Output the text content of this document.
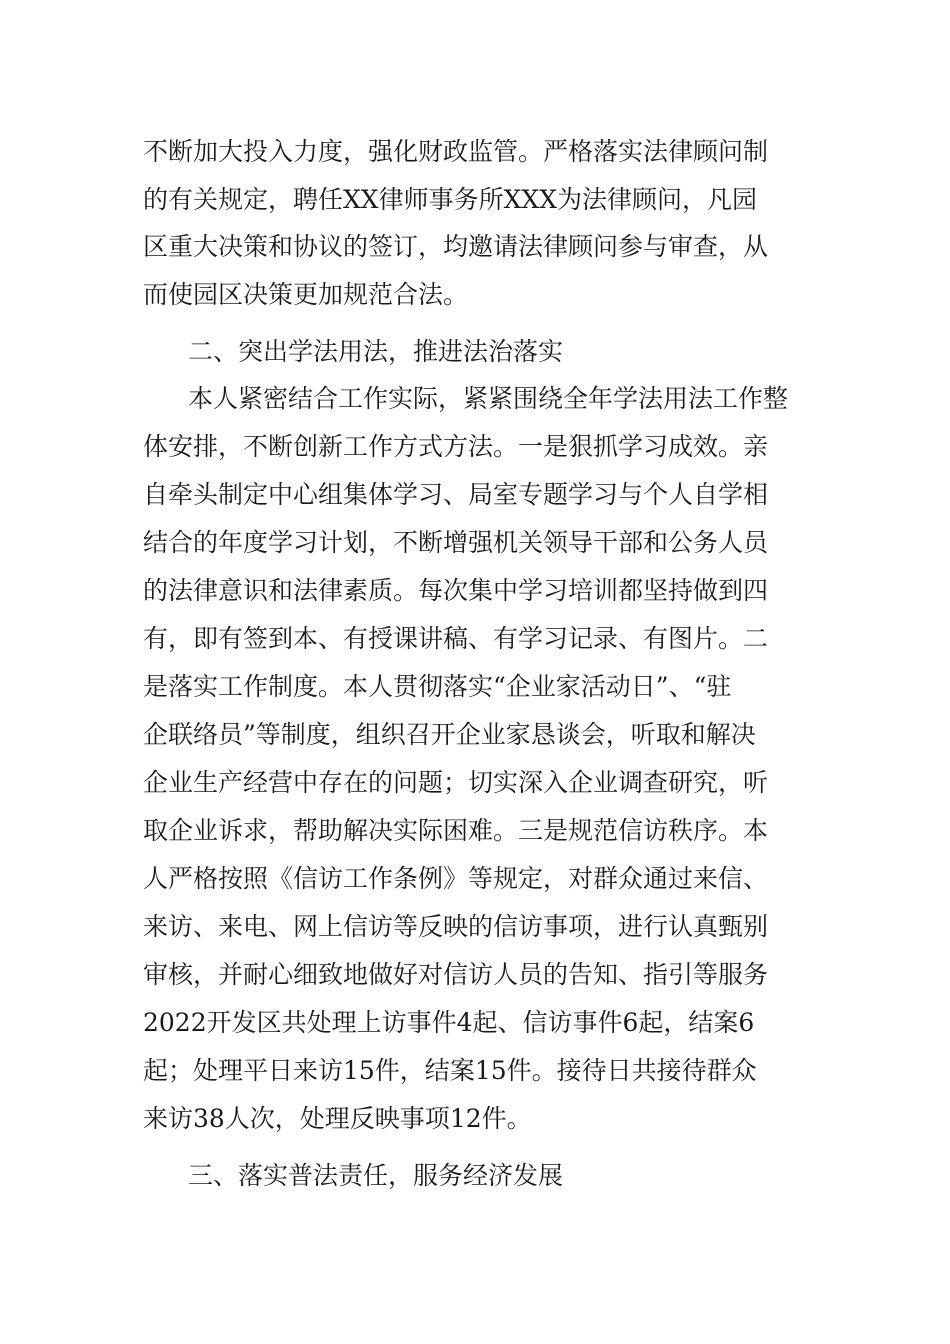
不断加大投入力度，强化财政监管。严格落实法律顾问制
的有关规定，聘任XX律师事务所XXX为法律顾问，凡园
区重大决策和协议的签订，均邀请法律顾问参与审查，从
而使园区决策更加规范合法。
二、突出学法用法，推进法治落实
本人紧密结合工作实际，紧紧围绕全年学法用法工作整
体安排，不断创新工作方式方法。一是狠抓学习成效。亲
自牵头制定中心组集体学习、局室专题学习与个人自学相
结合的年度学习计划，不断增强机关领导干部和公务人员
的法律意识和法律素质。每次集中学习培训都坚持做到四
有，即有签到本、有授课讲稿、有学习记录、有图片。二
是落实工作制度。本人贯彻落实“企业家活动日”、“驻
企联络员”等制度，组织召开企业家恳谈会，听取和解决
企业生产经营中存在的问题；切实深入企业调查研究，听
取企业诉求，帮助解决实际困难。三是规范信访秩序。本
人严格按照《信访工作条例》等规定，对群众通过来信、
来访、来电、网上信访等反映的信访事项，进行认真甄别
审核，并耐心细致地做好对信访人员的告知、指引等服务
2022开发区共处理上访事件4起、信访事件6起，结案6
起；处理平日来访15件，结案15件。接待日共接待群众
来访38人次，处理反映事项12件。
三、落实普法责任，服务经济发展
